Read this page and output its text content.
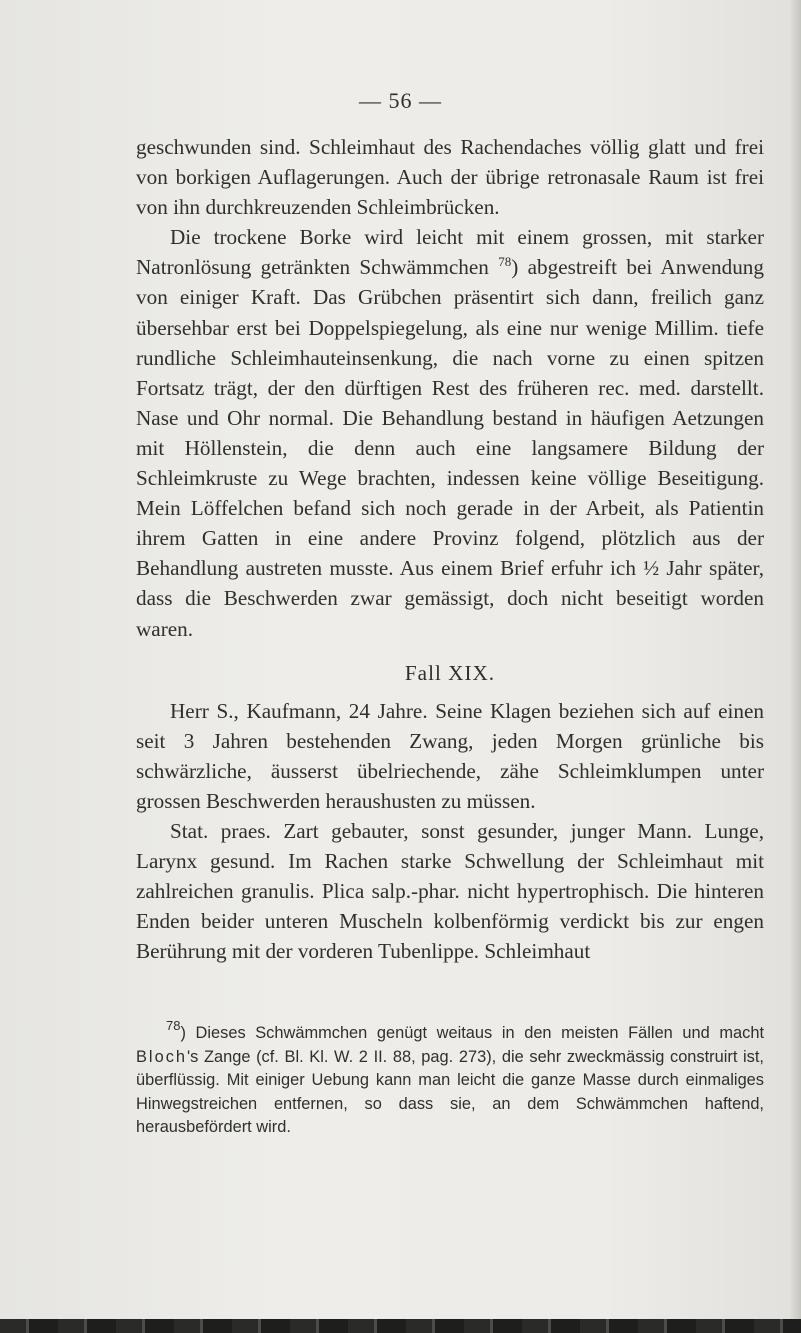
— 56 —

geschwunden sind. Schleimhaut des Rachendaches völlig glatt und frei von borkigen Auflagerungen. Auch der übrige retronasale Raum ist frei von ihn durchkreuzenden Schleimbrücken.

Die trockene Borke wird leicht mit einem grossen, mit starker Natronlösung getränkten Schwämmchen $^{78}$) abgestreift bei Anwendung von einiger Kraft. Das Grübchen präsentirt sich dann, freilich ganz übersehbar erst bei Doppelspiegelung, als eine nur wenige Millim. tiefe rundliche Schleimhauteinsenkung, die nach vorne zu einen spitzen Fortsatz trägt, der den dürftigen Rest des früheren rec. med. darstellt. Nase und Ohr normal. Die Behandlung bestand in häufigen Aetzungen mit Höllenstein, die denn auch eine langsamere Bildung der Schleimkruste zu Wege brachten, indessen keine völlige Beseitigung. Mein Löffelchen befand sich noch gerade in der Arbeit, als Patientin ihrem Gatten in eine andere Provinz folgend, plötzlich aus der Behandlung austreten musste. Aus einem Brief erfuhr ich ½ Jahr später, dass die Beschwerden zwar gemässigt, doch nicht beseitigt worden waren.

Fall XIX.

Herr S., Kaufmann, 24 Jahre. Seine Klagen beziehen sich auf einen seit 3 Jahren bestehenden Zwang, jeden Morgen grünliche bis schwärzliche, äusserst übelriechende, zähe Schleimklumpen unter grossen Beschwerden heraushusten zu müssen.

Stat. praes. Zart gebauter, sonst gesunder, junger Mann. Lunge, Larynx gesund. Im Rachen starke Schwellung der Schleimhaut mit zahlreichen granulis. Plica salp.-phar. nicht hypertrophisch. Die hinteren Enden beider unteren Muscheln kolbenförmig verdickt bis zur engen Berührung mit der vorderen Tubenlippe. Schleimhaut

$^{78}$) Dieses Schwämmchen genügt weitaus in den meisten Fällen und macht Bloch's Zange (cf. Bl. Kl. W. 2 II. 88, pag. 273), die sehr zweckmässig construirt ist, überflüssig. Mit einiger Uebung kann man leicht die ganze Masse durch einmaliges Hinwegstreichen entfernen, so dass sie, an dem Schwämmchen haftend, herausbefördert wird.
